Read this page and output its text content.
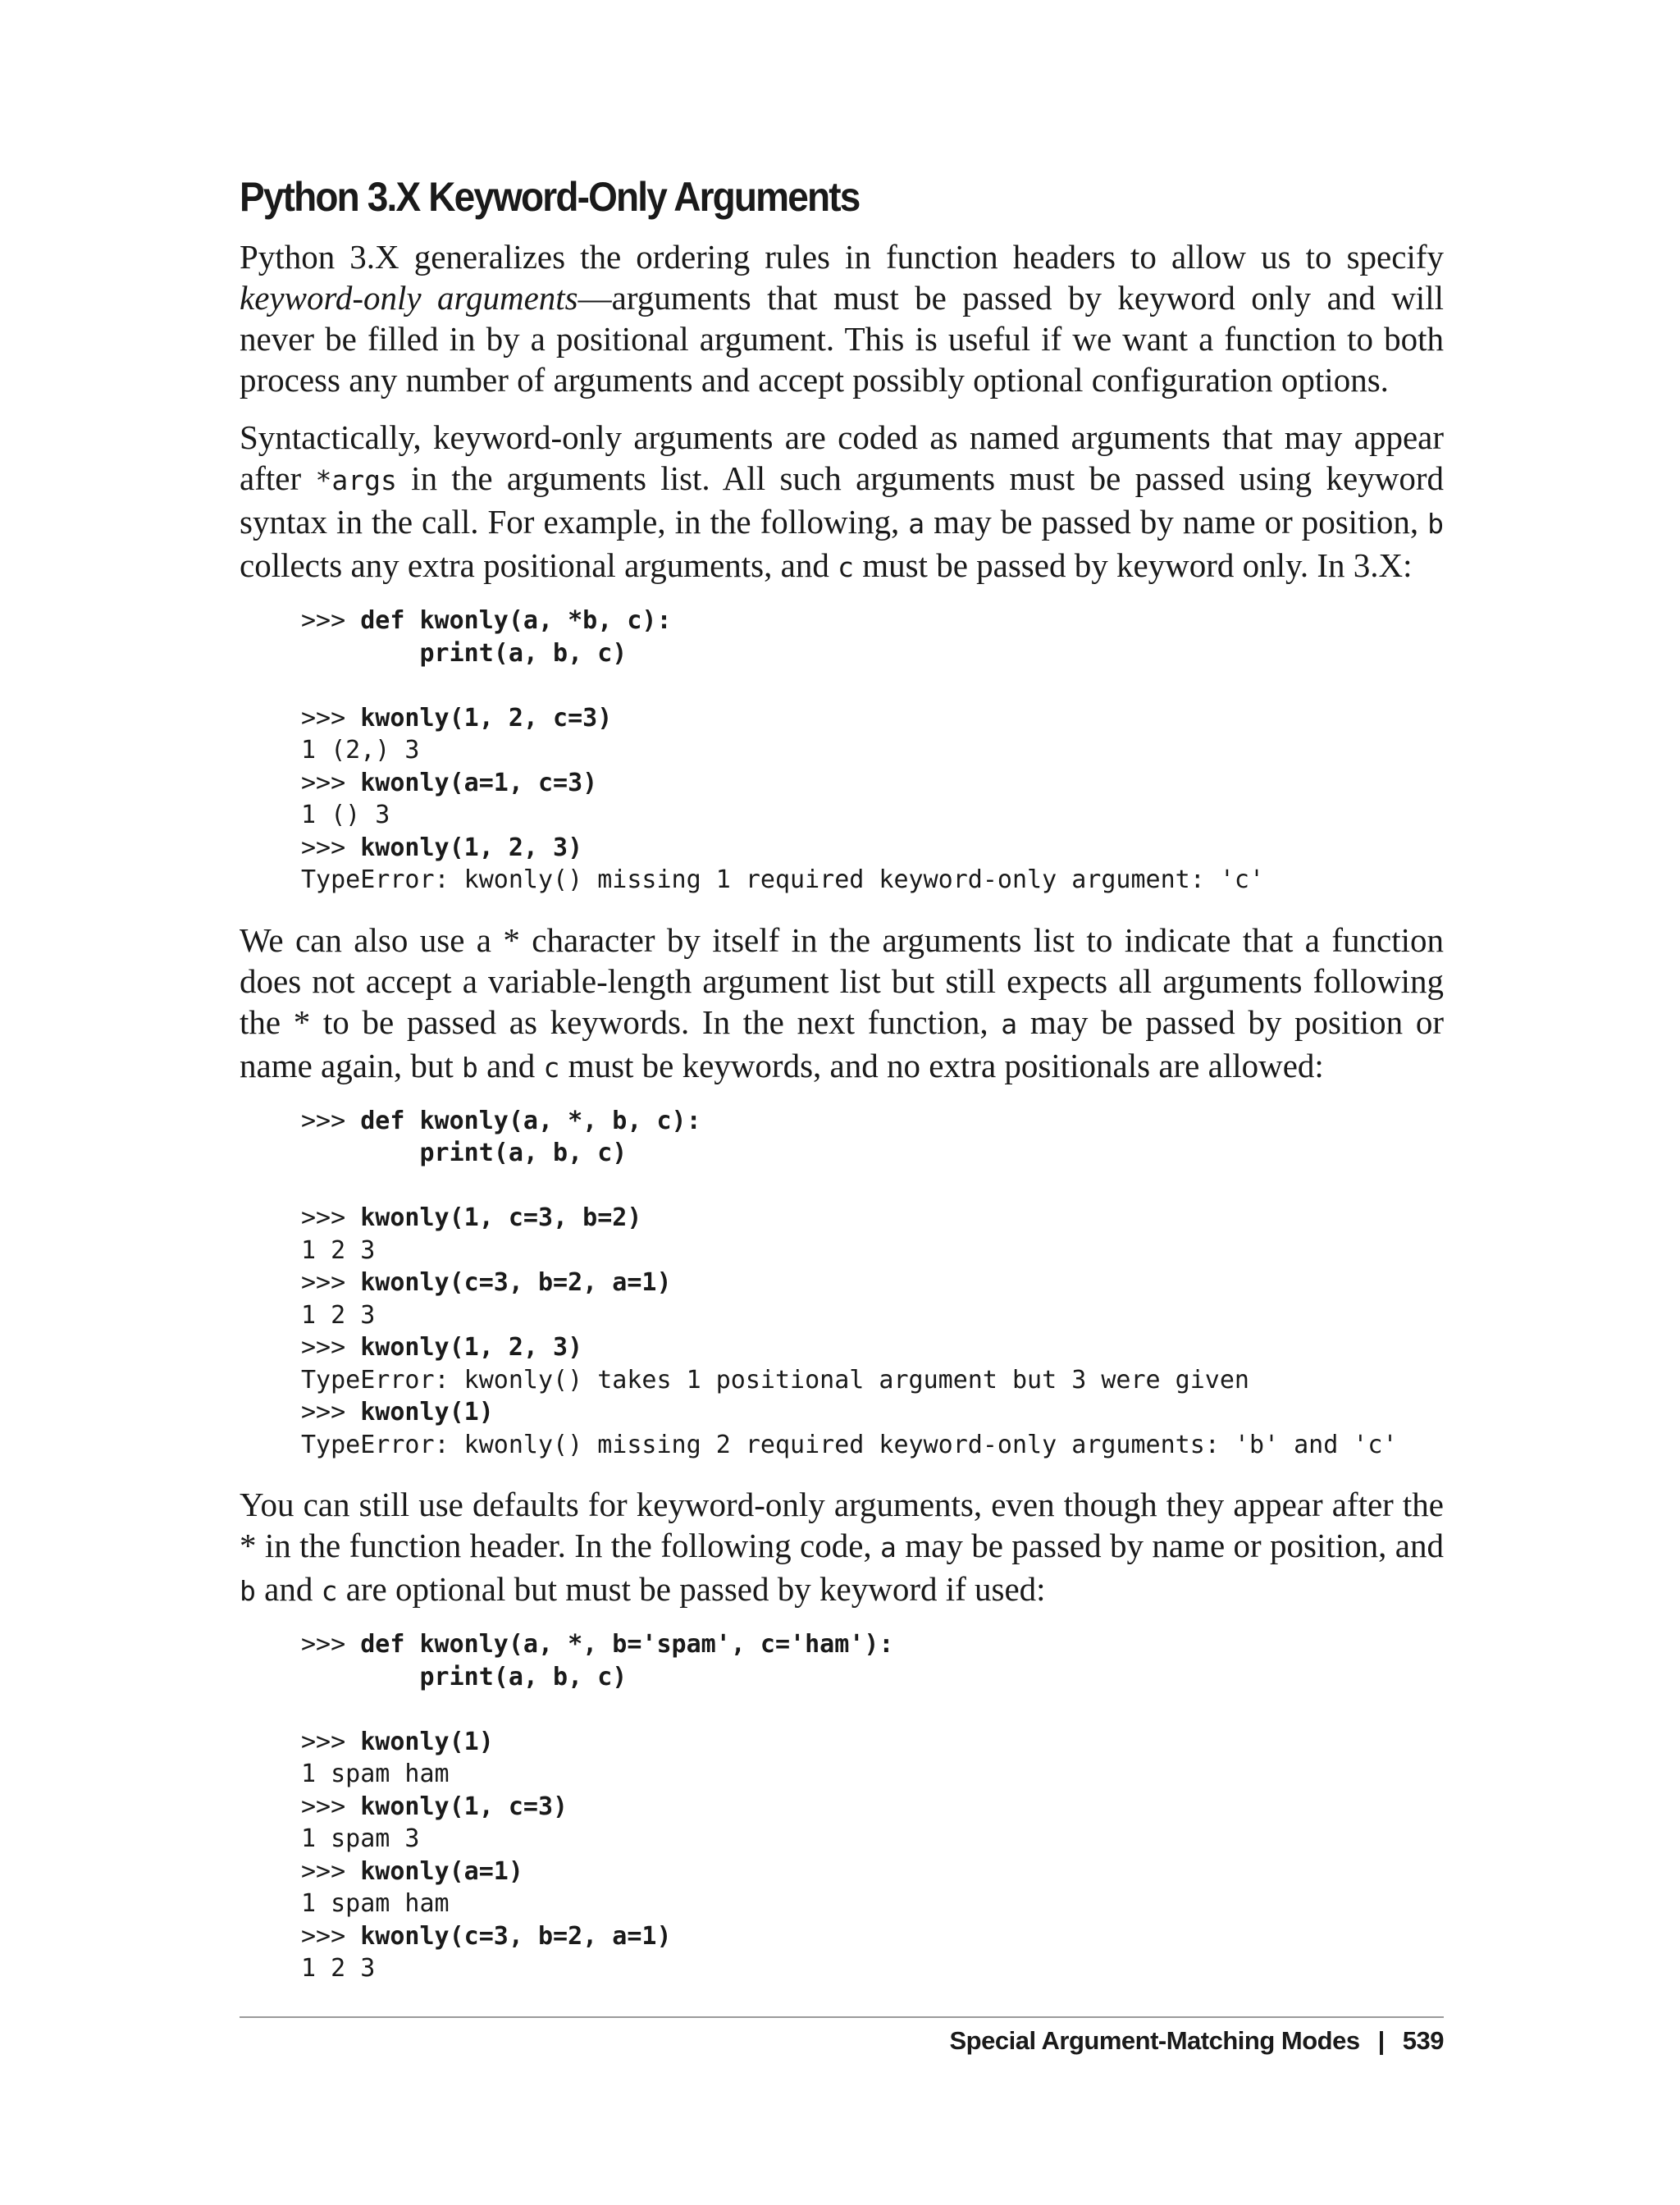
Python 3.X Keyword-Only Arguments

Python 3.X generalizes the ordering rules in function headers to allow us to specify keyword-only arguments—arguments that must be passed by keyword only and will never be filled in by a positional argument. This is useful if we want a function to both process any number of arguments and accept possibly optional configuration options.

Syntactically, keyword-only arguments are coded as named arguments that may appear after *args in the arguments list. All such arguments must be passed using keyword syntax in the call. For example, in the following, a may be passed by name or position, b collects any extra positional arguments, and c must be passed by keyword only. In 3.X:

>>> def kwonly(a, *b, c):
print(a, b, c)

>>> kwonly(1, 2, c=3)
1 (2,) 3
>>> kwonly(a=1, c=3)
1 () 3
>>> kwonly(1, 2, 3)
TypeError: kwonly() missing 1 required keyword-only argument: 'c'

We can also use a * character by itself in the arguments list to indicate that a function does not accept a variable-length argument list but still expects all arguments following the * to be passed as keywords. In the next function, a may be passed by position or name again, but b and c must be keywords, and no extra positionals are allowed:

>>> def kwonly(a, *, b, c):
print(a, b, c)

>>> kwonly(1, c=3, b=2)
1 2 3
>>> kwonly(c=3, b=2, a=1)
1 2 3
>>> kwonly(1, 2, 3)
TypeError: kwonly() takes 1 positional argument but 3 were given
>>> kwonly(1)
TypeError: kwonly() missing 2 required keyword-only arguments: 'b' and 'c'

You can still use defaults for keyword-only arguments, even though they appear after the * in the function header. In the following code, a may be passed by name or position, and b and c are optional but must be passed by keyword if used:

>>> def kwonly(a, *, b='spam', c='ham'):
print(a, b, c)

>>> kwonly(1)
1 spam ham
>>> kwonly(1, c=3)
1 spam 3
>>> kwonly(a=1)
1 spam ham
>>> kwonly(c=3, b=2, a=1)
1 2 3
Special Argument-Matching Modes | 539
